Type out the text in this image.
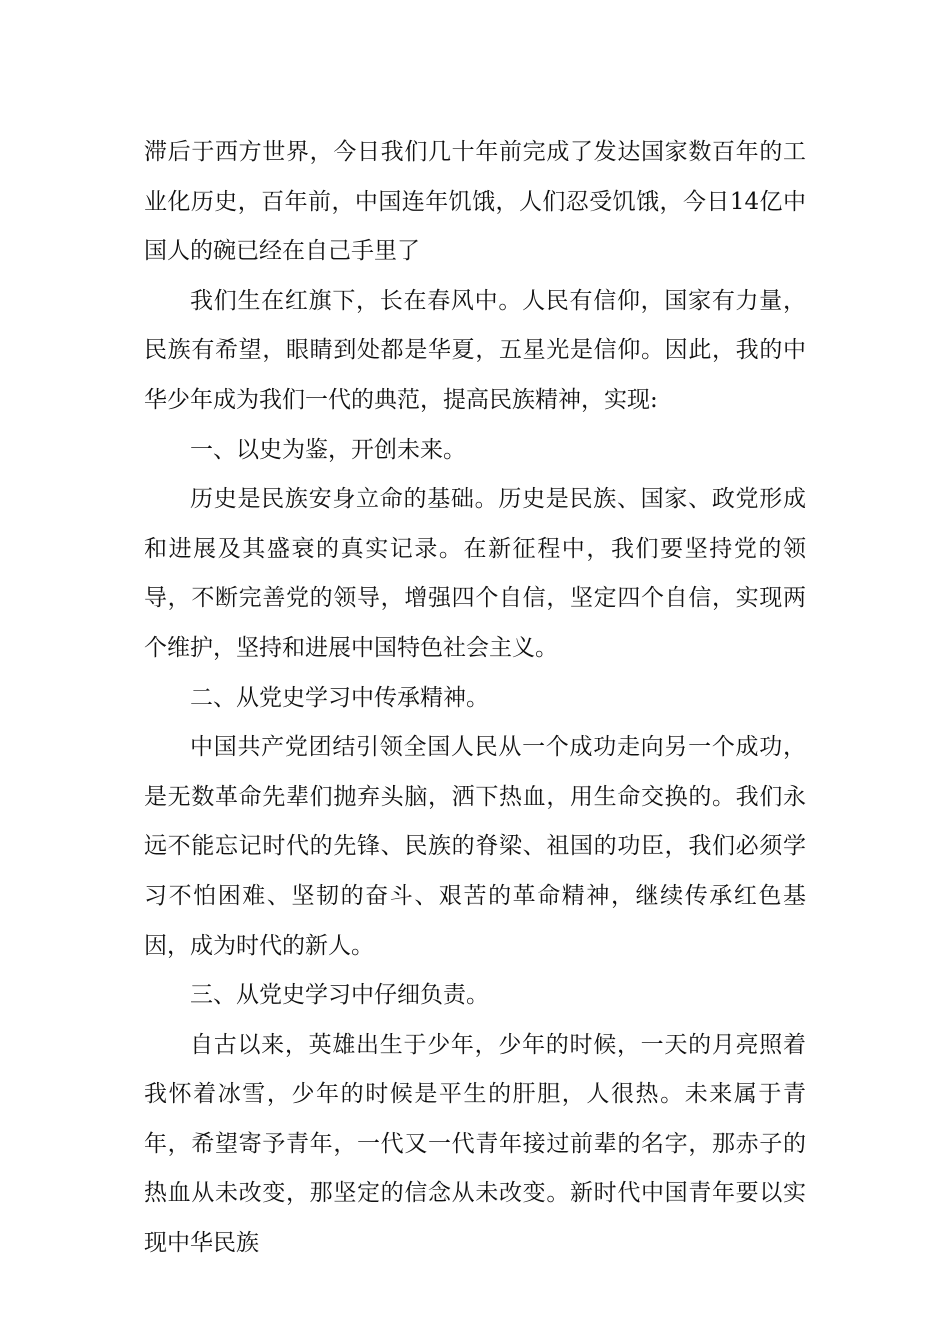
滞后于西方世界，今日我们几十年前完成了发达国家数百年的工业化历史，百年前，中国连年饥饿，人们忍受饥饿，今日14亿中国人的碗已经在自己手里了

我们生在红旗下，长在春风中。人民有信仰，国家有力量，民族有希望，眼睛到处都是华夏，五星光是信仰。因此，我的中华少年成为我们一代的典范，提高民族精神，实现:

一、以史为鉴，开创未来。

历史是民族安身立命的基础。历史是民族、国家、政党形成和进展及其盛衰的真实记录。在新征程中，我们要坚持党的领导，不断完善党的领导，增强四个自信，坚定四个自信，实现两个维护，坚持和进展中国特色社会主义。

二、从党史学习中传承精神。

中国共产党团结引领全国人民从一个成功走向另一个成功，是无数革命先辈们抛弃头脑，洒下热血，用生命交换的。我们永远不能忘记时代的先锋、民族的脊梁、祖国的功臣，我们必须学习不怕困难、坚韧的奋斗、艰苦的革命精神，继续传承红色基因，成为时代的新人。

三、从党史学习中仔细负责。

自古以来，英雄出生于少年，少年的时候，一天的月亮照着我怀着冰雪，少年的时候是平生的肝胆，人很热。未来属于青年，希望寄予青年，一代又一代青年接过前辈的名字，那赤子的热血从未改变，那坚定的信念从未改变。新时代中国青年要以实现中华民族
